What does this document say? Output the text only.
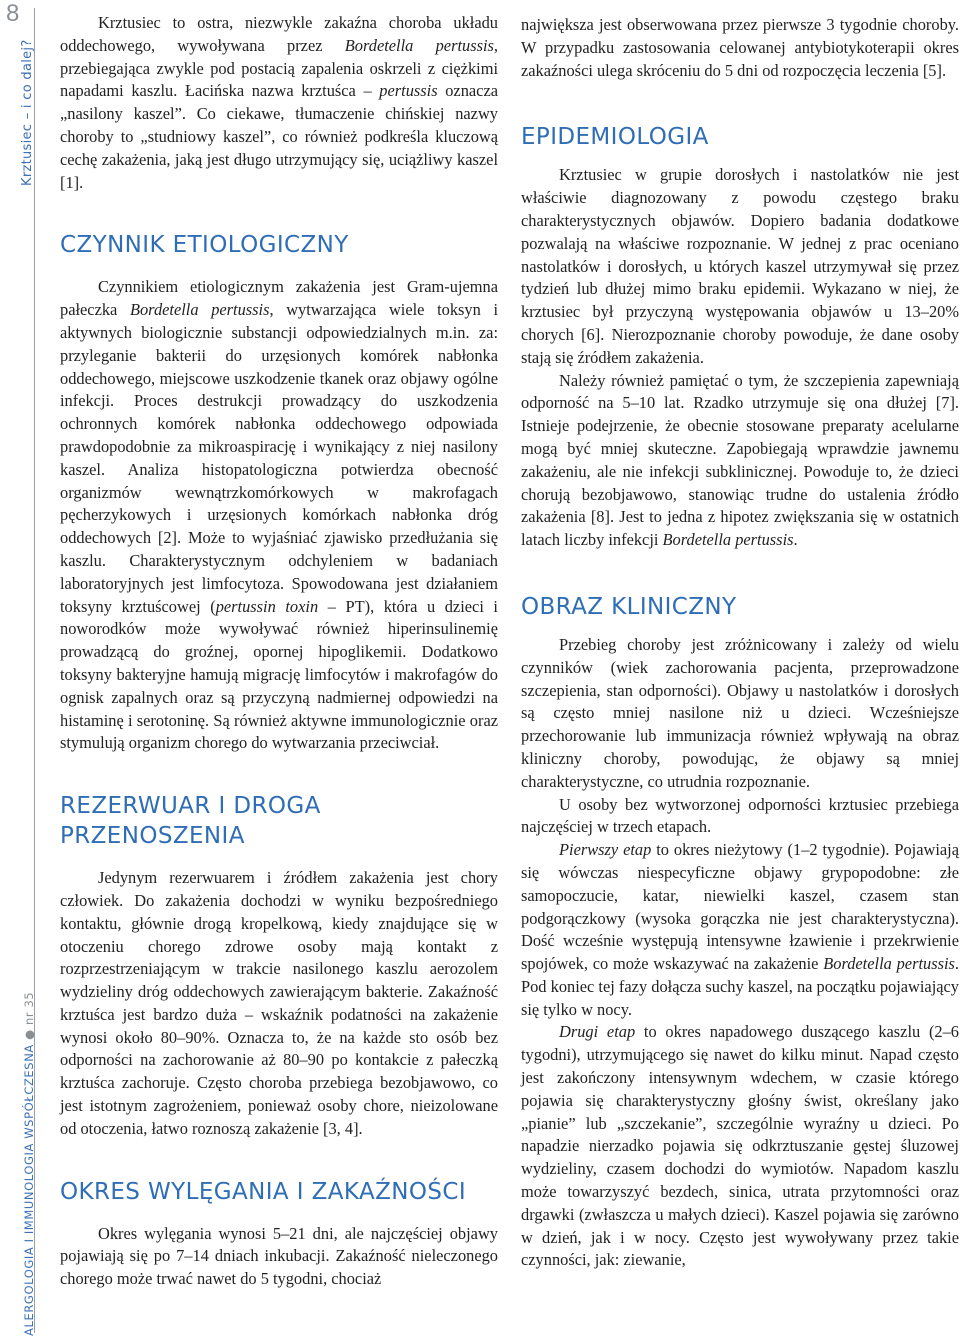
8
Krztusiec – i co dalej?
ALERGOLOGIA I IMMUNOLOGIA WSPÓŁCZESNA ● nr 35

Krztusiec to ostra, niezwykle zakaźna choroba układu oddechowego, wywoływana przez Bordetella pertussis, przebiegająca zwykle pod postacią zapalenia oskrzeli z ciężkimi napadami kaszlu. Łacińska nazwa krztuśca – pertussis oznacza „nasilony kaszel”. Co ciekawe, tłumaczenie chińskiej nazwy choroby to „studniowy kaszel”, co również podkreśla kluczową cechę zakażenia, jaką jest długo utrzymujący się, uciążliwy kaszel [1].

CZYNNIK ETIOLOGICZNY

Czynnikiem etiologicznym zakażenia jest Gram-ujemna pałeczka Bordetella pertussis, wytwarzająca wiele toksyn i aktywnych biologicznie substancji odpowiedzialnych m.in. za: przyleganie bakterii do urzęsionych komórek nabłonka oddechowego, miejscowe uszkodzenie tkanek oraz objawy ogólne infekcji. Proces destrukcji prowadzący do uszkodzenia ochronnych komórek nabłonka oddechowego odpowiada prawdopodobnie za mikroaspirację i wynikający z niej nasilony kaszel. Analiza histopatologiczna potwierdza obecność organizmów wewnątrzkomórkowych w makrofagach pęcherzykowych i urzęsionych komórkach nabłonka dróg oddechowych [2]. Może to wyjaśniać zjawisko przedłużania się kaszlu. Charakterystycznym odchyleniem w badaniach laboratoryjnych jest limfocytoza. Spowodowana jest działaniem toksyny krztuścowej (pertussin toxin – PT), która u dzieci i noworodków może wywoływać również hiperinsulinemię prowadzącą do groźnej, opornej hipoglikemii. Dodatkowo toksyny bakteryjne hamują migrację limfocytów i makrofagów do ognisk zapalnych oraz są przyczyną nadmiernej odpowiedzi na histaminę i serotoninę. Są również aktywne immunologicznie oraz stymulują organizm chorego do wytwarzania przeciwciał.

REZERWUAR I DROGA PRZENOSZENIA

Jedynym rezerwuarem i źródłem zakażenia jest chory człowiek. Do zakażenia dochodzi w wyniku bezpośredniego kontaktu, głównie drogą kropelkową, kiedy znajdujące się w otoczeniu chorego zdrowe osoby mają kontakt z rozprzestrzeniającym w trakcie nasilonego kaszlu aerozolem wydzieliny dróg oddechowych zawierającym bakterie. Zakaźność krztuśca jest bardzo duża – wskaźnik podatności na zakażenie wynosi około 80–90%. Oznacza to, że na każde sto osób bez odporności na zachorowanie aż 80–90 po kontakcie z pałeczką krztuśca zachoruje. Często choroba przebiega bezobjawowo, co jest istotnym zagrożeniem, ponieważ osoby chore, nieizolowane od otoczenia, łatwo roznoszą zakażenie [3, 4].

OKRES WYLĘGANIA I ZAKAŹNOŚCI

Okres wylęgania wynosi 5–21 dni, ale najczęściej objawy pojawiają się po 7–14 dniach inkubacji. Zakaźność nieleczonego chorego może trwać nawet do 5 tygodni, chociaż

największa jest obserwowana przez pierwsze 3 tygodnie choroby. W przypadku zastosowania celowanej antybiotykoterapii okres zakaźności ulega skróceniu do 5 dni od rozpoczęcia leczenia [5].

EPIDEMIOLOGIA

Krztusiec w grupie dorosłych i nastolatków nie jest właściwie diagnozowany z powodu częstego braku charakterystycznych objawów. Dopiero badania dodatkowe pozwalają na właściwe rozpoznanie. W jednej z prac oceniano nastolatków i dorosłych, u których kaszel utrzymywał się przez tydzień lub dłużej mimo braku epidemii. Wykazano w niej, że krztusiec był przyczyną występowania objawów u 13–20% chorych [6]. Nierozpoznanie choroby powoduje, że dane osoby stają się źródłem zakażenia.

Należy również pamiętać o tym, że szczepienia zapewniają odporność na 5–10 lat. Rzadko utrzymuje się ona dłużej [7]. Istnieje podejrzenie, że obecnie stosowane preparaty acelularne mogą być mniej skuteczne. Zapobiegają wprawdzie jawnemu zakażeniu, ale nie infekcji subklinicznej. Powoduje to, że dzieci chorują bezobjawowo, stanowiąc trudne do ustalenia źródło zakażenia [8]. Jest to jedna z hipotez zwiększania się w ostatnich latach liczby infekcji Bordetella pertussis.

OBRAZ KLINICZNY

Przebieg choroby jest zróżnicowany i zależy od wielu czynników (wiek zachorowania pacjenta, przeprowadzone szczepienia, stan odporności). Objawy u nastolatków i dorosłych są często mniej nasilone niż u dzieci. Wcześniejsze przechorowanie lub immunizacja również wpływają na obraz kliniczny choroby, powodując, że objawy są mniej charakterystyczne, co utrudnia rozpoznanie.

U osoby bez wytworzonej odporności krztusiec przebiega najczęściej w trzech etapach.

Pierwszy etap to okres nieżytowy (1–2 tygodnie). Pojawiają się wówczas niespecyficzne objawy grypopodobne: złe samopoczucie, katar, niewielki kaszel, czasem stan podgorączkowy (wysoka gorączka nie jest charakterystyczna). Dość wcześnie występują intensywne łzawienie i przekrwienie spojówek, co może wskazywać na zakażenie Bordetella pertussis. Pod koniec tej fazy dołącza suchy kaszel, na początku pojawiający się tylko w nocy.

Drugi etap to okres napadowego duszącego kaszlu (2–6 tygodni), utrzymującego się nawet do kilku minut. Napad często jest zakończony intensywnym wdechem, w czasie którego pojawia się charakterystyczny głośny świst, określany jako „pianie” lub „szczekanie”, szczególnie wyraźny u dzieci. Po napadzie nierzadko pojawia się odkrztuszanie gęstej śluzowej wydzieliny, czasem dochodzi do wymiotów. Napadom kaszlu może towarzyszyć bezdech, sinica, utrata przytomności oraz drgawki (zwłaszcza u małych dzieci). Kaszel pojawia się zarówno w dzień, jak i w nocy. Często jest wywoływany przez takie czynności, jak: ziewanie,
